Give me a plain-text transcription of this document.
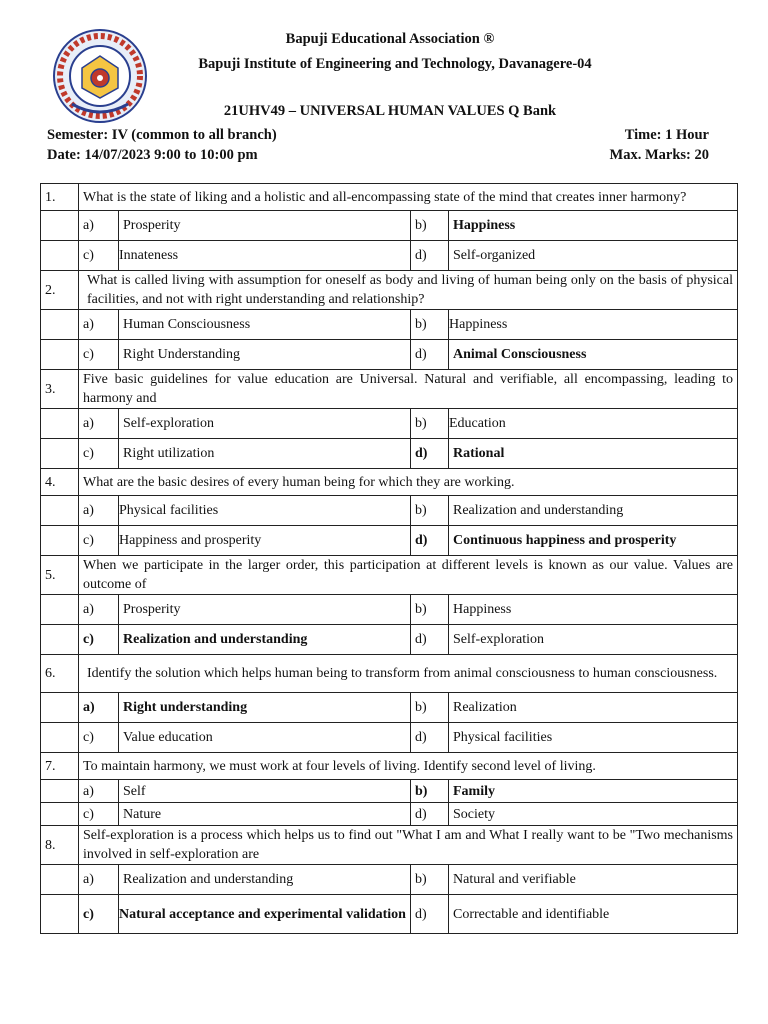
Bapuji Educational Association ®
Bapuji Institute of Engineering and Technology, Davanagere-04
21UHV49 – UNIVERSAL HUMAN VALUES Q Bank
Semester: IV (common to all branch)
Date: 14/07/2023 9:00 to 10:00 pm
Time: 1 Hour
Max. Marks: 20
1.	What is the state of liking and a holistic and all-encompassing state of the mind that creates inner harmony?			
	a)	Prosperity	b)	Happiness
	c)	Innateness	d)	Self-organized
2.	What is called living with assumption for oneself as body and living of human being only on the basis of physical facilities, and not with right understanding and relationship?			
	a)	Human Consciousness	b)	Happiness
	c)	Right Understanding	d)	Animal Consciousness
3.	Five basic guidelines for value education are Universal. Natural and verifiable, all encompassing, leading to harmony and			
	a)	Self-exploration	b)	Education
	c)	Right utilization	d)	Rational
4.	What are the basic desires of every human being for which they are working.			
	a)	Physical facilities	b)	Realization and understanding
	c)	Happiness and prosperity	d)	Continuous happiness and prosperity
5.	When we participate in the larger order, this participation at different levels is known as our value. Values are outcome of			
	a)	Prosperity	b)	Happiness
	c)	Realization and understanding	d)	Self-exploration
6.	Identify the solution which helps human being to transform from animal consciousness to human consciousness.			
	a)	Right understanding	b)	Realization
	c)	Value education	d)	Physical facilities
7.	To maintain harmony, we must work at four levels of living. Identify second level of living.			
	a)	Self	b)	Family
	c)	Nature	d)	Society
8.	Self-exploration is a process which helps us to find out "What I am and What I really want to be "Two mechanisms involved in self-exploration are			
	a)	Realization and understanding	b)	Natural and verifiable
	c)	Natural acceptance and experimental validation	d)	Correctable and identifiable
